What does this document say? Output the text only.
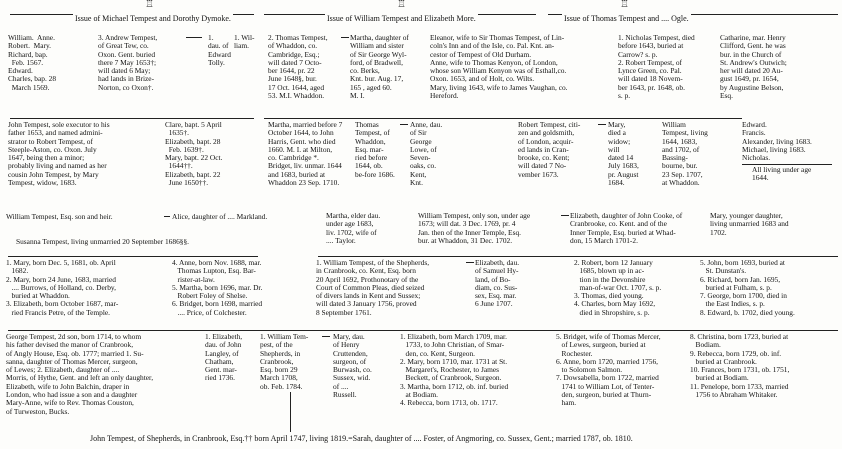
♖	♖	♖

Issue of Michael Tempest and Dorothy Dymoke.	Issue of William Tempest and Elizabeth More.	Issue of Thomas Tempest and .... Ogle.

William.  Anne.
Robert.  Mary.
Richard, bap.
Feb. 1567.
Edward.
Charles, bap. 28
March 1569.

3. Andrew Tempest,
of Great Tew, co.
Oxon. Gent. buried
there 7 May 1653†;
will dated 6 May;
had lands in Brize-
Norton, co Oxon†.

1.
dau. of
Edward
Tolly.

1. Wil-
liam.

2. Thomas Tempest,
of Whaddon, co.
Cambridge, Esq.;
will dated 7 Octo-
ber 1644, pr. 22
June 1648§, bur.
17 Oct. 1644, aged
53. M.I. Whaddon.

Martha, daughter of
William and sister
of Sir George Wyl-
ford, of Bradwell,
co. Berks,
Knt. bur. Aug. 17,
165 , aged 60.
M. I.

Eleanor, wife to Sir Thomas Tempest, of Lin-
coln's Inn and of the Isle, co. Pal. Knt. an-
cestor of Tempest of Old Durham.
Anne, wife to Thomas Kenyon, of London,
whose son William Kenyon was of Esthall,co.
Oxon. 1653, and of Holt, co. Wilts.
Mary, living 1643, wife to James Vaughan, co.
Hereford.

1. Nicholas Tempest, died
before 1643, buried at
Carrow? s. p.
2. Robert Tempest, of
Lynce Green, co. Pal.
will dated 18 Novem-
ber 1643, pr. 1648, ob.
s. p.

Catharine, mar. Henry
Clifford, Gent. he was
bur. in the Church of
St. Andrew's Outwich;
her will dated 20 Au-
gust 1649, pr. 1654,
by Augustine Belson,
Esq.

John Tempest, sole executor to his
father 1653, and named admini-
strator to Robert Tempest, of
Steeple-Aston, co. Oxon. July
1647, being then a minor;
probably living and named as her
cousin John Tempest, by Mary
Tempest, widow, 1683.

Clare, bapt. 5 April
1635†.
Elizabeth, bapt. 28
Feb. 1639†.
Mary, bapt. 22 Oct.
1644††.
Elizabeth, bapt. 22
June 1650††.

Martha, married before 7
October 1644, to John
Harris, Gent. who died
1660. M. I. at Milton,
co. Cambridge *.
Bridget, liv. unmar. 1644
and 1683, buried at
Whaddon 23 Sep. 1710.

Thomas
Tempest, of
Whaddon,
Esq. mar-
ried before
1644, ob.
be-fore 1686.

Anne, dau.
of Sir
George
Lowe, of
Seven-
oaks, co.
Kent,
Knt.

Robert Tempest, citi-
zen and goldsmith,
of London, acquir-
ed lands in Cran-
brooke, co. Kent;
will dated 7 No-
vember 1673.

Mary,
died a
widow;
will
dated 14
July 1683,
pr. August
1684.

William
Tempest, living
1644, 1683,
and 1702, of
Bassing-
bourne, bur.
23 Sep. 1707,
at Whaddon.

Edward.
Francis.
Alexander, living 1683.
Michael, living 1683.
Nicholas.

All living under age
1644.

William Tempest, Esq. son and heir.	Alice, daughter of .... Markland.

Susanna Tempest, living unmarried 20 September 1686§§.

Martha, elder dau.
under age 1683,
liv. 1702, wife of
.... Taylor.

William Tempest, only son, under age
1673; will dat. 3 Dec. 1769, pr. 4
Jan. then of the Inner Temple, Esq.
bur. at Whaddon, 31 Dec. 1702.

Elizabeth, daughter of John Cooke, of
Cranbrooke, co. Kent. and of the
Inner Temple, Esq. buried at Whad-
don, 15 March 1701-2.

Mary, younger daughter,
living unmarried 1683 and
1702.

1. Mary, born Dec. 5, 1681, ob. April
1682.
2. Mary, born 24 June, 1683, married
.... Burrows, of Holland, co. Derby,
buried at Whaddon.
3. Elizabeth, born October 1687, mar-
ried Francis Petre, of the Temple.

4. Anne, born Nov. 1688, mar.
Thomas Lupton, Esq. Bar-
rister-at-law.
5. Martha, born 1696, mar. Dr.
Robert Foley of Shelse.
6. Bridget, born 1698, married
.... Price, of Colchester.

1. William Tempest, of the Shepherds,
in Cranbrook, co. Kent, Esq. born
20 April 1692, Prothonotary of the
Court of Common Pleas, died seized
of divers lands in Kent and Sussex;
will dated 3 January 1756, proved
8 September 1761.

Elizabeth, dau.
of Samuel Hy-
land, of Bo-
diam, co. Sus-
sex, Esq. mar.
6 June 1707.

2. Robert, born 12 January
1685, blown up in ac-
tion in the Devonshire
man-of-war Oct. 1707, s. p.
3. Thomas, died young.
4. Charles, born May 1692,
died in Shropshire, s. p.

5. John, born 1693, buried at
St. Dunstan's.
6. Richard, born Jan. 1695,
buried at Fulham, s. p.
7. George, born 1700, died in
the East Indies, s. p.
8. Edward, b. 1702, died young.

George Tempest, 2d son, born 1714, to whom
his father devised the manor of Cranbrook,
of Angly House, Esq. ob. 1777; married 1. Su-
sanna, daughter of Thomas Mercer, surgeon,
of Lewes; 2. Elizabeth, daughter of ....
Morris, of Hythe, Gent. and left an only daughter,
Elizabeth, wife to John Balchin, draper in
London, who had issue a son and a daughter
Mary-Anne, wife to Rev. Thomas Couston,
of Turweston, Bucks.

1. Elizabeth,
dau. of John
Langley, of
Chatham,
Gent. mar-
ried 1736.

1. William Tem-
pest, of the
Shepherds, in
Cranbrook,
Esq. born 29
March 1708,
ob. Feb. 1784.

Mary, dau.
of Henry
Cruttenden,
surgeon, of
Burwash, co.
Sussex, wid.
of ....
Russell.

1. Elizabeth, born March 1709, mar.
1733, to John Christian, of Smar-
den, co. Kent, Surgeon.
2. Mary, born 1710, mar. 1731 at St.
Margaret's, Rochester, to James
Beckett, of Cranbrook, Surgeon.
3. Martha, born 1712, ob. inf. buried
at Bodiam.
4. Rebecca, born 1713, ob. 1717.

5. Bridget, wife of Thomas Mercer,
of Lewes, surgeon, buried at
Rochester.
6. Anne, born 1720, married 1756,
to Solomon Salmon.
7. Dowsabella, born 1722, married
1741 to William Lot, of Tenter-
den, surgeon, buried at Thurn-
ham.

8. Christina, born 1723, buried at
Bodiam.
9. Rebecca, born 1729, ob. inf.
buried at Cranbrook.
10. Frances, born 1731, ob. 1751,
buried at Bodiam.
11. Penelope, born 1733, married
1756 to Abraham Whitaker.

John Tempest, of Shepherds, in Cranbrook, Esq.†† born April 1747, living 1819.=Sarah, daughter of .... Foster, of Angmoring, co. Sussex, Gent.; married 1787, ob. 1810.
